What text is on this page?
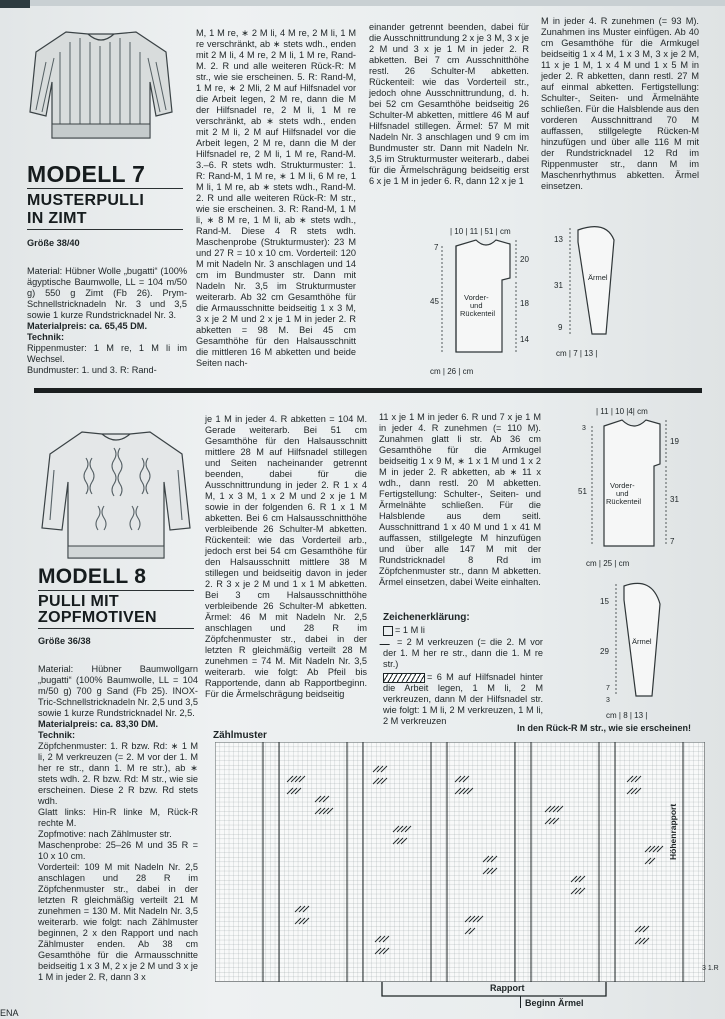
MODELL 7
MUSTERPULLI
IN ZIMT
Größe 38/40

Material: Hübner Wolle „bugatti“ (100% ägyptische Baumwolle, LL = 104 m/50 g) 550 g Zimt (Fb 26). Prym-Schnellstricknadeln Nr. 3 und 3,5 sowie 1 kurze Rundstricknadel Nr. 3.

Materialpreis: ca. 65,45 DM.

Technik:

Rippenmuster: 1 M re, 1 M li im Wechsel.

Bundmuster: 1. und 3. R: Rand-

M, 1 M re, ∗ 2 M li, 4 M re, 2 M li, 1 M re verschränkt, ab ∗ stets wdh., enden mit 2 M li, 4 M re, 2 M li, 1 M re, Rand-M. 2. R und alle weiteren Rück-R: M str., wie sie erscheinen. 5. R: Rand-M, 1 M re, ∗ 2 Mli, 2 M auf Hilfsnadel vor die Arbeit legen, 2 M re, dann die M der Hilfsnadel re, 2 M li, 1 M re verschränkt, ab ∗ stets wdh., enden mit 2 M li, 2 M auf Hilfsnadel vor die Arbeit legen, 2 M re, dann die M der Hilfsnadel re, 2 M li, 1 M re, Rand-M. 3.–6. R stets wdh. Strukturmuster: 1. R: Rand-M, 1 M re, ∗ 1 M li, 6 M re, 1 M li, 1 M re, ab ∗ stets wdh., Rand-M. 2. R und alle weiteren Rück-R: M str., wie sie erscheinen. 3. R: Rand-M, 1 M li, ∗ 8 M re, 1 M li, ab ∗ stets wdh., Rand-M. Diese 4 R stets wdh. Maschenprobe (Strukturmuster): 23 M und 27 R = 10 x 10 cm. Vorderteil: 120 M mit Nadeln Nr. 3 anschlagen und 14 cm im Bundmuster str. Dann mit Nadeln Nr. 3,5 im Strukturmuster weiterarb. Ab 32 cm Gesamthöhe für die Armausschnitte beidseitig 1 x 3 M, 3 x je 2 M und 2 x je 1 M in jeder 2. R abketten = 98 M. Bei 45 cm Gesamthöhe für den Halsausschnitt die mittleren 16 M abketten und beide Seiten nach-
einander getrennt beenden, dabei für die Ausschnittrundung 2 x je 3 M, 3 x je 2 M und 3 x je 1 M in jeder 2. R abketten. Bei 7 cm Ausschnitthöhe restl. 26 Schulter-M abketten. Rückenteil: wie das Vorderteil str., jedoch ohne Ausschnittrundung, d. h. bei 52 cm Gesamthöhe beidseitig 26 Schulter-M abketten, mittlere 46 M auf Hilfsnadel stillegen. Ärmel: 57 M mit Nadeln Nr. 3 anschlagen und 9 cm im Bundmuster str. Dann mit Nadeln Nr. 3,5 im Strukturmuster weiterarb., dabei für die Ärmelschrägung beidseitig erst 6 x je 1 M in jeder 6. R, dann 12 x je 1
M in jeder 4. R zunehmen (= 93 M). Zunahmen ins Muster einfügen. Ab 40 cm Gesamthöhe für die Armkugel beidseitig 1 x 4 M, 1 x 3 M, 3 x je 2 M, 11 x je 1 M, 1 x 4 M und 1 x 5 M in jeder 2. R abketten, dann restl. 27 M auf einmal abketten. Fertigstellung: Schulter-, Seiten- und Ärmelnähte schließen. Für die Halsblende aus den vorderen Ausschnittrand 70 M auffassen, stillgelegte Rücken-M hinzufügen und über alle 116 M mit der Rundstricknadel 12 Rd im Rippenmuster str., dann M im Maschenrhythmus abketten. Ärmel einsetzen.
| 10 | 11 | 51 | cm
7
45
20
18
14
Vorder-
und
Rückenteil
cm | 26 | cm
13
31
9
Ärmel
cm | 7 | 13 |
MODELL 8
PULLI MIT
ZOPFMOTIVEN
Größe 36/38

Material: Hübner Baumwollgarn „bugatti“ (100% Baumwolle, LL = 104 m/50 g) 700 g Sand (Fb 25). INOX-Tric-Schnellstricknadeln Nr. 2,5 und 3,5 sowie 1 kurze Rundstricknadel Nr. 2,5.

Materialpreis: ca. 83,30 DM.

Technik:

Zöpfchenmuster: 1. R bzw. Rd: ∗ 1 M li, 2 M verkreuzen (= 2. M vor der 1. M her re str., dann 1. M re str.), ab ∗ stets wdh. 2. R bzw. Rd: M str., wie sie erscheinen. Diese 2 R bzw. Rd stets wdh.

Glatt links: Hin-R linke M, Rück-R rechte M.

Zopfmotive: nach Zählmuster str.

Maschenprobe: 25–26 M und 35 R = 10 x 10 cm.

Vorderteil: 109 M mit Nadeln Nr. 2,5 anschlagen und 28 R im Zöpfchenmuster str., dabei in der letzten R gleichmäßig verteilt 21 M zunehmen = 130 M. Mit Nadeln Nr. 3,5 weiterarb. wie folgt: nach Zählmuster beginnen, 2 x den Rapport und nach Zählmuster enden. Ab 38 cm Gesamthöhe für die Armausschnitte beidseitig 1 x 3 M, 2 x je 2 M und 3 x je 1 M in jeder 2. R, dann 3 x

je 1 M in jeder 4. R abketten = 104 M. Gerade weiterarb. Bei 51 cm Gesamthöhe für den Halsausschnitt mittlere 28 M auf Hilfsnadel stillegen und Seiten nacheinander getrennt beenden, dabei für die Ausschnittrundung in jeder 2. R 1 x 4 M, 1 x 3 M, 1 x 2 M und 2 x je 1 M sowie in der folgenden 6. R 1 x 1 M abketten. Bei 6 cm Halsausschnitthöhe verbleibende 26 Schulter-M abketten. Rückenteil: wie das Vorderteil arb., jedoch erst bei 54 cm Gesamthöhe für den Halsausschnitt mittlere 38 M stillegen und beidseitig davon in jeder 2. R 3 x je 2 M und 1 x 1 M abketten. Bei 3 cm Halsausschnitthöhe verbleibende 26 Schulter-M abketten. Ärmel: 46 M mit Nadeln Nr. 2,5 anschlagen und 28 R im Zöpfchenmuster str., dabei in der letzten R gleichmäßig verteilt 28 M zunehmen = 74 M. Mit Nadeln Nr. 3,5 weiterarb. wie folgt: Ab Pfeil bis Rapportende, dann ab Rapportbeginn. Für die Ärmelschrägung beidseitig
11 x je 1 M in jeder 6. R und 7 x je 1 M in jeder 4. R zunehmen (= 110 M). Zunahmen glatt li str. Ab 36 cm Gesamthöhe für die Armkugel beidseitig 1 x 9 M, ∗ 1 x 1 M und 1 x 2 M in jeder 2. R abketten, ab ∗ 11 x wdh., dann restl. 20 M abketten. Fertigstellung: Schulter-, Seiten- und Ärmelnähte schließen. Für die Halsblende aus dem seitl. Ausschnittrand 1 x 40 M und 1 x 41 M auffassen, stillgelegte M hinzufügen und über alle 147 M mit der Rundstricknadel 8 Rd im Zöpfchenmuster str., dann M abketten. Ärmel einsetzen, dabei Weite einhalten.

Zeichenerklärung:

= 1 M li

= 2 M verkreuzen (= die 2. M vor der 1. M her re str., dann die 1. M re str.)

= 6 M auf Hilfsnadel hinter die Arbeit legen, 1 M li, 2 M verkreuzen, dann M der Hilfsnadel str. wie folgt: 1 M li, 2 M verkreuzen, 1 M li, 2 M verkreuzen

| 11 | 10 |4| cm
3
51
19
31
7
Vorder-
und
Rückenteil
cm | 25 | cm
15
29
7
3
Ärmel
cm | 8 | 13 |
Zählmuster
In den Rück-R M str., wie sie erscheinen!
Höhenrapport
3 1.R
Rapport
Beginn Ärmel
ENA
